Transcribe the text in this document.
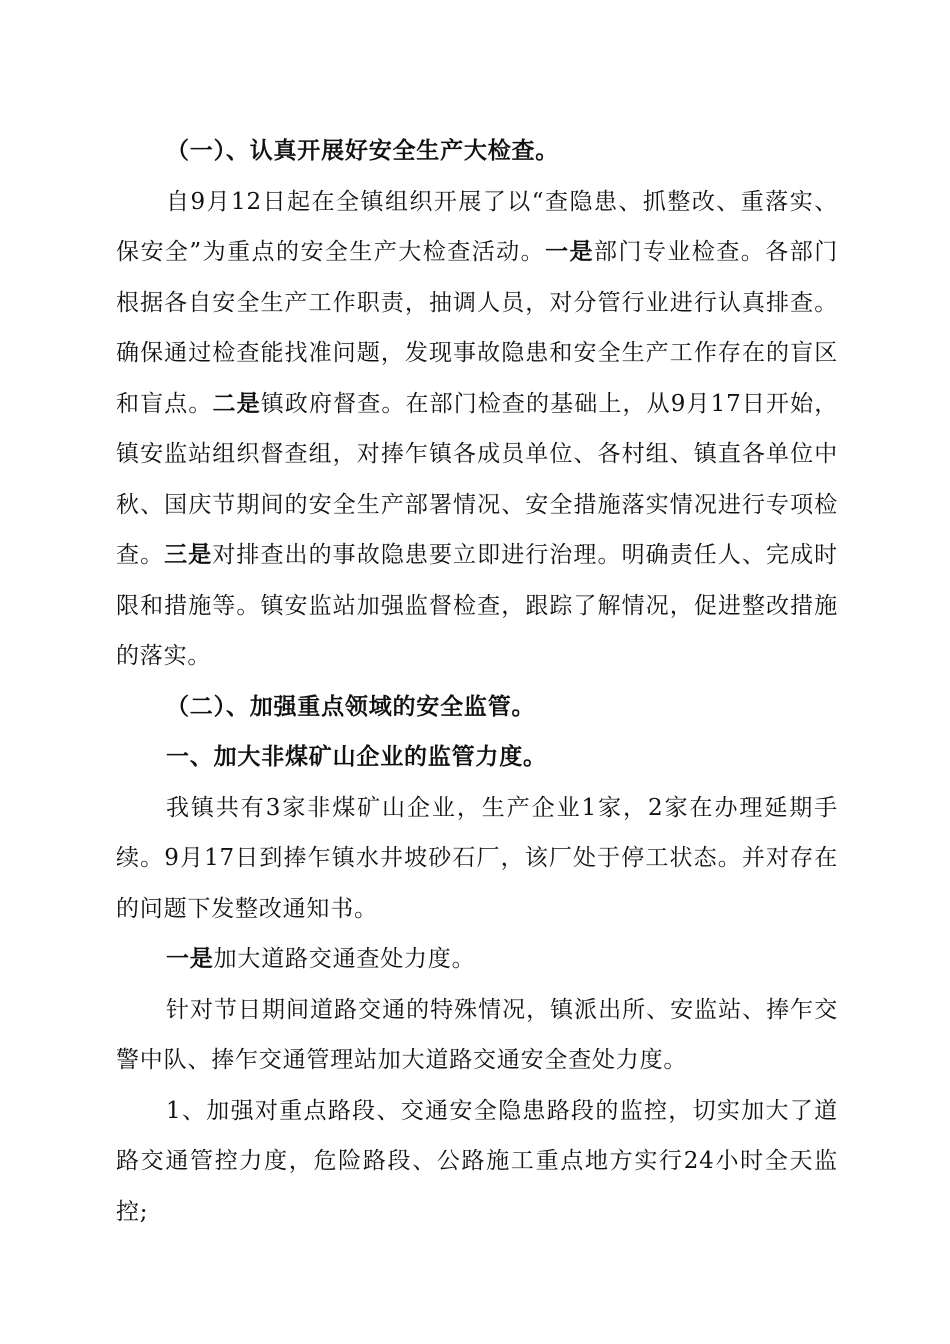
（一）、认真开展好安全生产大检查。

自9月12日起在全镇组织开展了以“查隐患、抓整改、重落实、保安全”为重点的安全生产大检查活动。一是部门专业检查。各部门根据各自安全生产工作职责，抽调人员，对分管行业进行认真排查。确保通过检查能找准问题，发现事故隐患和安全生产工作存在的盲区和盲点。二是镇政府督查。在部门检查的基础上，从9月17日开始，镇安监站组织督查组，对捧乍镇各成员单位、各村组、镇直各单位中秋、国庆节期间的安全生产部署情况、安全措施落实情况进行专项检查。三是对排查出的事故隐患要立即进行治理。明确责任人、完成时限和措施等。镇安监站加强监督检查，跟踪了解情况，促进整改措施的落实。

（二）、加强重点领域的安全监管。

一、加大非煤矿山企业的监管力度。

我镇共有3家非煤矿山企业，生产企业1家，2家在办理延期手续。9月17日到捧乍镇水井坡砂石厂，该厂处于停工状态。并对存在的问题下发整改通知书。

一是加大道路交通查处力度。

针对节日期间道路交通的特殊情况，镇派出所、安监站、捧乍交警中队、捧乍交通管理站加大道路交通安全查处力度。

1、加强对重点路段、交通安全隐患路段的监控，切实加大了道路交通管控力度，危险路段、公路施工重点地方实行24小时全天监控;
